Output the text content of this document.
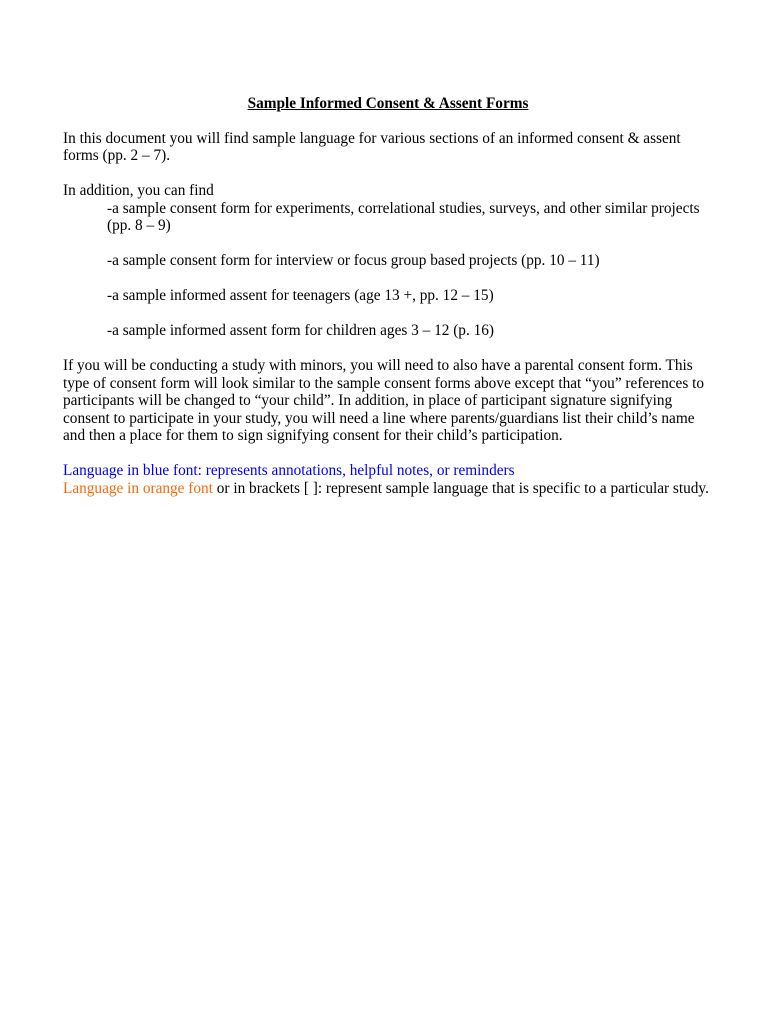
Sample Informed Consent & Assent Forms

In this document you will find sample language for various sections of an informed consent & assent forms (pp. 2 – 7).

In addition, you can find

-a sample consent form for experiments, correlational studies, surveys, and other similar projects (pp. 8 – 9)

-a sample consent form for interview or focus group based projects (pp. 10 – 11)

-a sample informed assent for teenagers (age 13 +, pp. 12 – 15)

-a sample informed assent form for children ages 3 – 12 (p. 16)

If you will be conducting a study with minors, you will need to also have a parental consent form. This type of consent form will look similar to the sample consent forms above except that “you” references to participants will be changed to “your child”. In addition, in place of participant signature signifying consent to participate in your study, you will need a line where parents/guardians list their child’s name and then a place for them to sign signifying consent for their child’s participation.

Language in blue font: represents annotations, helpful notes, or reminders

Language in orange font or in brackets [ ]: represent sample language that is specific to a particular study.
